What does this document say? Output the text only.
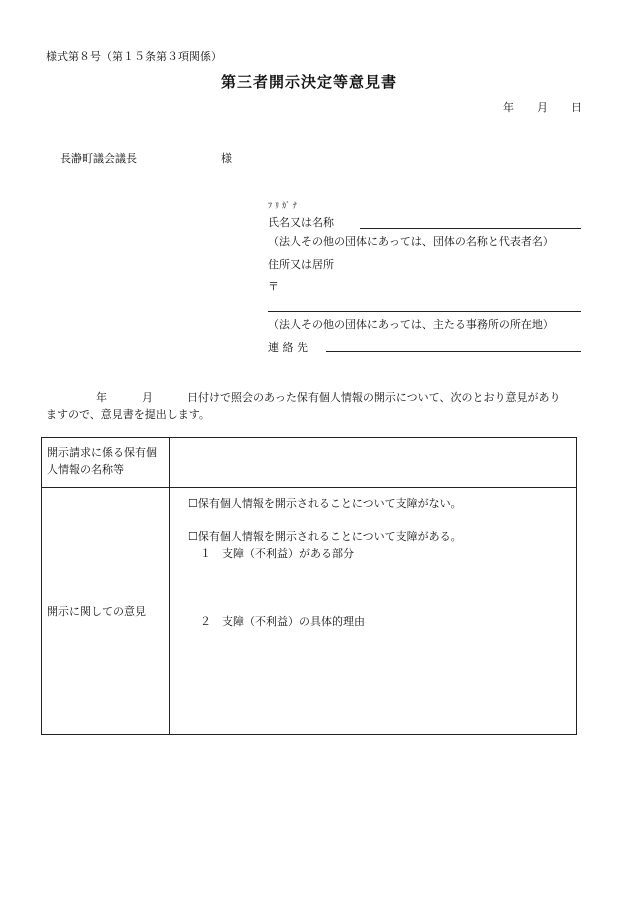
様式第８号（第１５条第３項関係）
第三者開示決定等意見書
年 月 日
長瀞町議会議長	様
ﾌﾘｶﾞﾅ
氏名又は名称
（法人その他の団体にあっては、団体の名称と代表者名）
住所又は居所
〒
（法人その他の団体にあっては、主たる事務所の所在地）
連 絡 先
年	月	日付けで照会のあった保有個人情報の開示について、次のとおり意見があり
ますので、意見書を提出します。
開示請求に係る保有個人情報の名称等	
開示に関しての意見	☐保有個人情報を開示されることについて支障がない。
☐保有個人情報を開示されることについて支障がある。
１　支障（不利益）がある部分
２　支障（不利益）の具体的理由
